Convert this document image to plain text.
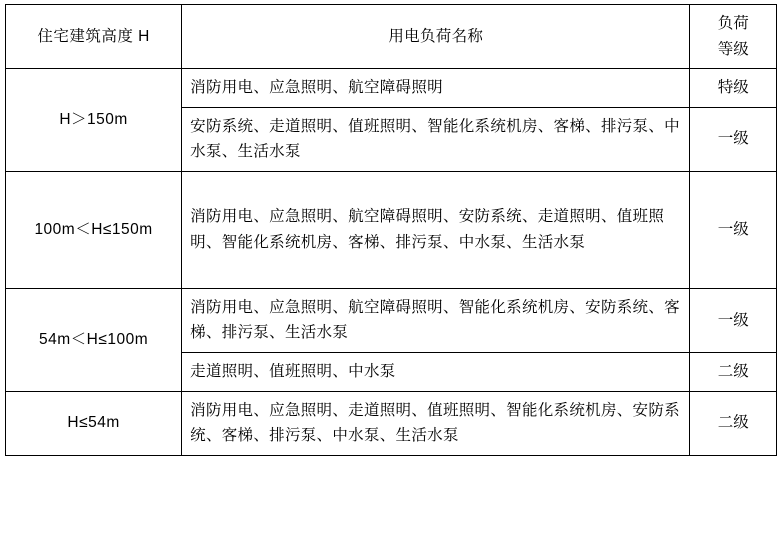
住宅建筑高度 H	用电负荷名称	负荷
等级

H＞150m	消防用电、应急照明、航空障碍照明	特级
	安防系统、走道照明、值班照明、智能化系统机房、客梯、排污泵、中水泵、生活水泵	一级
100m＜H≤150m	消防用电、应急照明、航空障碍照明、安防系统、走道照明、值班照明、智能化系统机房、客梯、排污泵、中水泵、生活水泵	一级
54m＜H≤100m	消防用电、应急照明、航空障碍照明、智能化系统机房、安防系统、客梯、排污泵、生活水泵	一级
	走道照明、值班照明、中水泵	二级
H≤54m	消防用电、应急照明、走道照明、值班照明、智能化系统机房、安防系统、客梯、排污泵、中水泵、生活水泵	二级
